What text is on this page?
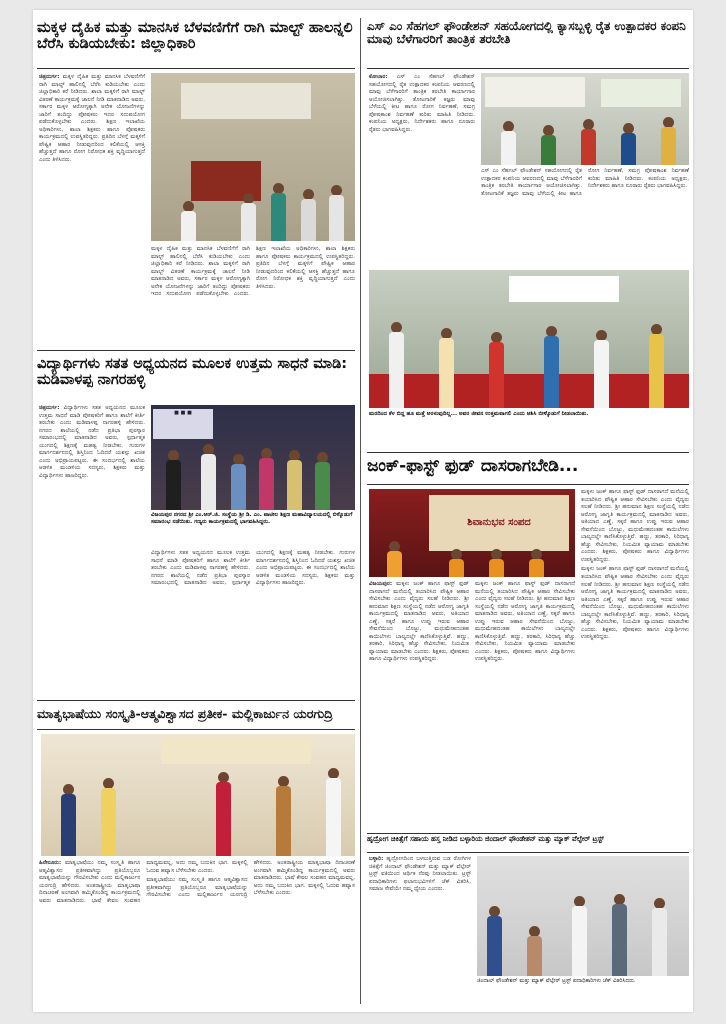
ಮಕ್ಕಳ ದೈಹಿಕ ಮತ್ತು ಮಾನಸಿಕ ಬೆಳವಣಿಗೆಗೆ ರಾಗಿ ಮಾಲ್ಟ್ ಹಾಲನ್ನಲಿ ಬೆರೆಸಿ ಕುಡಿಯಬೇಕು: ಜಿಲ್ಲಾಧಿಕಾರಿ

ಚಿತ್ರದುರ್ಗ: ಮಕ್ಕಳ ದೈಹಿಕ ಮತ್ತು ಮಾನಸಿಕ ಬೆಳವಣಿಗೆಗೆ ರಾಗಿ ಮಾಲ್ಟ್ ಹಾಲಿನಲ್ಲಿ ಬೆರೆಸಿ ಕುಡಿಯಬೇಕು ಎಂದು ಜಿಲ್ಲಾಧಿಕಾರಿ ಕರೆ ನೀಡಿದರು. ಶಾಲಾ ಮಕ್ಕಳಿಗೆ ರಾಗಿ ಮಾಲ್ಟ್ ವಿತರಣೆ ಕಾರ್ಯಕ್ರಮಕ್ಕೆ ಚಾಲನೆ ನೀಡಿ ಮಾತನಾಡಿದ ಅವರು, ಸರ್ಕಾರ ಮಕ್ಕಳ ಆರೋಗ್ಯಕ್ಕಾಗಿ ಅನೇಕ ಯೋಜನೆಗಳನ್ನು ಜಾರಿಗೆ ತಂದಿದ್ದು ಪೋಷಕರು ಇದರ ಸದುಪಯೋಗ ಪಡೆದುಕೊಳ್ಳಬೇಕು ಎಂದರು. ಶಿಕ್ಷಣ ಇಲಾಖೆಯ ಅಧಿಕಾರಿಗಳು, ಶಾಲಾ ಶಿಕ್ಷಕರು ಹಾಗೂ ಪೋಷಕರು ಕಾರ್ಯಕ್ರಮದಲ್ಲಿ ಉಪಸ್ಥಿತರಿದ್ದರು. ಪ್ರತಿದಿನ ಬೆಳಗ್ಗೆ ಮಕ್ಕಳಿಗೆ ಪೌಷ್ಟಿಕ ಆಹಾರ ನೀಡುವುದರಿಂದ ಕಲಿಕೆಯಲ್ಲಿ ಆಸಕ್ತಿ ಹೆಚ್ಚುತ್ತದೆ ಹಾಗೂ ರೋಗ ನಿರೋಧಕ ಶಕ್ತಿ ವೃದ್ಧಿಯಾಗುತ್ತದೆ ಎಂದು ತಿಳಿಸಿದರು.

ಮಕ್ಕಳ ದೈಹಿಕ ಮತ್ತು ಮಾನಸಿಕ ಬೆಳವಣಿಗೆಗೆ ರಾಗಿ ಮಾಲ್ಟ್ ಹಾಲಿನಲ್ಲಿ ಬೆರೆಸಿ ಕುಡಿಯಬೇಕು ಎಂದು ಜಿಲ್ಲಾಧಿಕಾರಿ ಕರೆ ನೀಡಿದರು. ಶಾಲಾ ಮಕ್ಕಳಿಗೆ ರಾಗಿ ಮಾಲ್ಟ್ ವಿತರಣೆ ಕಾರ್ಯಕ್ರಮಕ್ಕೆ ಚಾಲನೆ ನೀಡಿ ಮಾತನಾಡಿದ ಅವರು, ಸರ್ಕಾರ ಮಕ್ಕಳ ಆರೋಗ್ಯಕ್ಕಾಗಿ ಅನೇಕ ಯೋಜನೆಗಳನ್ನು ಜಾರಿಗೆ ತಂದಿದ್ದು ಪೋಷಕರು ಇದರ ಸದುಪಯೋಗ ಪಡೆದುಕೊಳ್ಳಬೇಕು ಎಂದರು. ಶಿಕ್ಷಣ ಇಲಾಖೆಯ ಅಧಿಕಾರಿಗಳು, ಶಾಲಾ ಶಿಕ್ಷಕರು ಹಾಗೂ ಪೋಷಕರು ಕಾರ್ಯಕ್ರಮದಲ್ಲಿ ಉಪಸ್ಥಿತರಿದ್ದರು. ಪ್ರತಿದಿನ ಬೆಳಗ್ಗೆ ಮಕ್ಕಳಿಗೆ ಪೌಷ್ಟಿಕ ಆಹಾರ ನೀಡುವುದರಿಂದ ಕಲಿಕೆಯಲ್ಲಿ ಆಸಕ್ತಿ ಹೆಚ್ಚುತ್ತದೆ ಹಾಗೂ ರೋಗ ನಿರೋಧಕ ಶಕ್ತಿ ವೃದ್ಧಿಯಾಗುತ್ತದೆ ಎಂದು ತಿಳಿಸಿದರು.

ವಿದ್ಯಾರ್ಥಿಗಳು ಸತತ ಅಧ್ಯಯನದ ಮೂಲಕ ಉತ್ತಮ ಸಾಧನೆ ಮಾಡಿ: ಮಡಿವಾಳಪ್ಪ ನಾಗರಹಳ್ಳಿ
■ ■ ■
ವಿಜಯಪುರ ನಗರದ ಶ್ರೀ ಎಂ.ಆರ್.ಜಿ. ಸಂಸ್ಥೆಯ ಶ್ರೀ ಡಿ. ಎಂ. ಪಾಟೀಲ ಶಿಕ್ಷಣ ಮಹಾವಿದ್ಯಾಲಯದಲ್ಲಿ ಬಿಳ್ಕೊಡುಗೆ ಸಮಾರಂಭ ನಡೆಯಿತು. ಗಣ್ಯರು ಕಾರ್ಯಕ್ರಮದಲ್ಲಿ ಭಾಗವಹಿಸಿದ್ದರು.

ಚಿತ್ರದುರ್ಗ: ವಿದ್ಯಾರ್ಥಿಗಳು ಸತತ ಅಧ್ಯಯನದ ಮೂಲಕ ಉತ್ತಮ ಸಾಧನೆ ಮಾಡಿ ಪೋಷಕರಿಗೆ ಹಾಗೂ ಶಾಲೆಗೆ ಕೀರ್ತಿ ತರಬೇಕು ಎಂದು ಮಡಿವಾಳಪ್ಪ ನಾಗರಹಳ್ಳಿ ಹೇಳಿದರು. ನಗರದ ಶಾಲೆಯಲ್ಲಿ ನಡೆದ ಪ್ರತಿಭಾ ಪುರಸ್ಕಾರ ಸಮಾರಂಭದಲ್ಲಿ ಮಾತನಾಡಿದ ಅವರು, ಸ್ಪರ್ಧಾತ್ಮಕ ಯುಗದಲ್ಲಿ ಶಿಕ್ಷಣಕ್ಕೆ ಮಹತ್ವ ನೀಡಬೇಕು. ಗುರುಗಳ ಮಾರ್ಗದರ್ಶನದಲ್ಲಿ ಶಿಸ್ತಿನಿಂದ ಓದಿದರೆ ಯಶಸ್ಸು ಖಚಿತ ಎಂದು ಅಭಿಪ್ರಾಯಪಟ್ಟರು. ಈ ಸಂದರ್ಭದಲ್ಲಿ ಶಾಲೆಯ ಆಡಳಿತ ಮಂಡಳಿಯ ಸದಸ್ಯರು, ಶಿಕ್ಷಕರು ಮತ್ತು ವಿದ್ಯಾರ್ಥಿಗಳು ಹಾಜರಿದ್ದರು.

ವಿದ್ಯಾರ್ಥಿಗಳು ಸತತ ಅಧ್ಯಯನದ ಮೂಲಕ ಉತ್ತಮ ಸಾಧನೆ ಮಾಡಿ ಪೋಷಕರಿಗೆ ಹಾಗೂ ಶಾಲೆಗೆ ಕೀರ್ತಿ ತರಬೇಕು ಎಂದು ಮಡಿವಾಳಪ್ಪ ನಾಗರಹಳ್ಳಿ ಹೇಳಿದರು. ನಗರದ ಶಾಲೆಯಲ್ಲಿ ನಡೆದ ಪ್ರತಿಭಾ ಪುರಸ್ಕಾರ ಸಮಾರಂಭದಲ್ಲಿ ಮಾತನಾಡಿದ ಅವರು, ಸ್ಪರ್ಧಾತ್ಮಕ ಯುಗದಲ್ಲಿ ಶಿಕ್ಷಣಕ್ಕೆ ಮಹತ್ವ ನೀಡಬೇಕು. ಗುರುಗಳ ಮಾರ್ಗದರ್ಶನದಲ್ಲಿ ಶಿಸ್ತಿನಿಂದ ಓದಿದರೆ ಯಶಸ್ಸು ಖಚಿತ ಎಂದು ಅಭಿಪ್ರಾಯಪಟ್ಟರು. ಈ ಸಂದರ್ಭದಲ್ಲಿ ಶಾಲೆಯ ಆಡಳಿತ ಮಂಡಳಿಯ ಸದಸ್ಯರು, ಶಿಕ್ಷಕರು ಮತ್ತು ವಿದ್ಯಾರ್ಥಿಗಳು ಹಾಜರಿದ್ದರು.

ಮಾತೃಭಾಷೆಯು ಸಂಸ್ಕೃತಿ-ಆತ್ಮವಿಶ್ವಾಸದ ಪ್ರತೀಕ- ಮಲ್ಲಿಕಾರ್ಜುನ ಯರಗುದ್ರಿ

ಹಿರೇರೂರು: ಮಾತೃಭಾಷೆಯು ನಮ್ಮ ಸಂಸ್ಕೃತಿ ಹಾಗೂ ಆತ್ಮವಿಶ್ವಾಸದ ಪ್ರತೀಕವಾಗಿದ್ದು ಪ್ರತಿಯೊಬ್ಬರೂ ಮಾತೃಭಾಷೆಯನ್ನು ಗೌರವಿಸಬೇಕು ಎಂದು ಮಲ್ಲಿಕಾರ್ಜುನ ಯರಗುದ್ರಿ ಹೇಳಿದರು. ಅಂತರಾಷ್ಟ್ರೀಯ ಮಾತೃಭಾಷಾ ದಿನಾಚರಣೆ ಅಂಗವಾಗಿ ಹಮ್ಮಿಕೊಂಡಿದ್ದ ಕಾರ್ಯಕ್ರಮದಲ್ಲಿ ಅವರು ಮಾತನಾಡಿದರು. ಭಾಷೆ ಕೇವಲ ಸಂವಹನ ಮಾಧ್ಯಮವಲ್ಲ, ಅದು ನಮ್ಮ ಬದುಕಿನ ಭಾಗ. ಮಕ್ಕಳಲ್ಲಿ ಓದುವ ಹವ್ಯಾಸ ಬೆಳೆಸಬೇಕು ಎಂದರು.

ಮಾತೃಭಾಷೆಯು ನಮ್ಮ ಸಂಸ್ಕೃತಿ ಹಾಗೂ ಆತ್ಮವಿಶ್ವಾಸದ ಪ್ರತೀಕವಾಗಿದ್ದು ಪ್ರತಿಯೊಬ್ಬರೂ ಮಾತೃಭಾಷೆಯನ್ನು ಗೌರವಿಸಬೇಕು ಎಂದು ಮಲ್ಲಿಕಾರ್ಜುನ ಯರಗುದ್ರಿ ಹೇಳಿದರು. ಅಂತರಾಷ್ಟ್ರೀಯ ಮಾತೃಭಾಷಾ ದಿನಾಚರಣೆ ಅಂಗವಾಗಿ ಹಮ್ಮಿಕೊಂಡಿದ್ದ ಕಾರ್ಯಕ್ರಮದಲ್ಲಿ ಅವರು ಮಾತನಾಡಿದರು. ಭಾಷೆ ಕೇವಲ ಸಂವಹನ ಮಾಧ್ಯಮವಲ್ಲ, ಅದು ನಮ್ಮ ಬದುಕಿನ ಭಾಗ. ಮಕ್ಕಳಲ್ಲಿ ಓದುವ ಹವ್ಯಾಸ ಬೆಳೆಸಬೇಕು ಎಂದರು.

ಎಸ್ ಎಂ ಸೆಹಗಲ್ ಫೌಂಡೇಶನ್ ಸಹಯೋಗದಲ್ಲಿ ಕ್ಯಾಸಬ್ಬಳ್ಳಿ ರೈತ ಉತ್ಪಾದಕರ ಕಂಪನಿ ಮಾವು ಬೆಳೆಗಾರರಿಗೆ ತಾಂತ್ರಿಕ ತರಬೇತಿ

ಕೋಲಾರ: ಎಸ್ ಎಂ ಸೆಹಗಲ್ ಫೌಂಡೇಶನ್ ಸಹಯೋಗದಲ್ಲಿ ರೈತ ಉತ್ಪಾದಕರ ಕಂಪನಿಯ ಆವರಣದಲ್ಲಿ ಮಾವು ಬೆಳೆಗಾರರಿಗೆ ತಾಂತ್ರಿಕ ತರಬೇತಿ ಕಾರ್ಯಾಗಾರ ಆಯೋಜಿಸಲಾಗಿತ್ತು. ತೋಟಗಾರಿಕೆ ತಜ್ಞರು ಮಾವು ಬೆಳೆಯಲ್ಲಿ ಕೀಟ ಹಾಗೂ ರೋಗ ನಿರ್ವಹಣೆ, ಸಮಗ್ರ ಪೋಷಕಾಂಶ ನಿರ್ವಹಣೆ ಕುರಿತು ಮಾಹಿತಿ ನೀಡಿದರು. ಕಂಪನಿಯ ಅಧ್ಯಕ್ಷರು, ನಿರ್ದೇಶಕರು ಹಾಗೂ ನೂರಾರು ರೈತರು ಭಾಗವಹಿಸಿದ್ದರು.

ಎಸ್ ಎಂ ಸೆಹಗಲ್ ಫೌಂಡೇಶನ್ ಸಹಯೋಗದಲ್ಲಿ ರೈತ ಉತ್ಪಾದಕರ ಕಂಪನಿಯ ಆವರಣದಲ್ಲಿ ಮಾವು ಬೆಳೆಗಾರರಿಗೆ ತಾಂತ್ರಿಕ ತರಬೇತಿ ಕಾರ್ಯಾಗಾರ ಆಯೋಜಿಸಲಾಗಿತ್ತು. ತೋಟಗಾರಿಕೆ ತಜ್ಞರು ಮಾವು ಬೆಳೆಯಲ್ಲಿ ಕೀಟ ಹಾಗೂ ರೋಗ ನಿರ್ವಹಣೆ, ಸಮಗ್ರ ಪೋಷಕಾಂಶ ನಿರ್ವಹಣೆ ಕುರಿತು ಮಾಹಿತಿ ನೀಡಿದರು. ಕಂಪನಿಯ ಅಧ್ಯಕ್ಷರು, ನಿರ್ದೇಶಕರು ಹಾಗೂ ನೂರಾರು ರೈತರು ಭಾಗವಹಿಸಿದ್ದರು.

ಮರದಿಂದ ಕೆಳ ಬಿದ್ದ ಹೂ ಮತ್ತೆ ಅರಳುವುದಿಲ್ಲ... ಅವರ ಜೀವನ ಉತ್ತಮವಾಗಲಿ ಎಂದು ಆಶಿಸಿ ಬೀಳ್ಕೊಡುಗೆ ನೀಡಲಾಯಿತು.
ಜಂಕ್-ಫಾಸ್ಟ್ ಫುಡ್ ದಾಸರಾಗಬೇಡಿ...
ಶಿವಾನುಭವ ಸಂಪದ

ಮಕ್ಕಳು ಜಂಕ್ ಹಾಗೂ ಫಾಸ್ಟ್ ಫುಡ್ ದಾಸರಾಗದೆ ಮನೆಯಲ್ಲಿ ತಯಾರಿಸಿದ ಪೌಷ್ಟಿಕ ಆಹಾರ ಸೇವಿಸಬೇಕು ಎಂದು ವೈದ್ಯರು ಸಲಹೆ ನೀಡಿದರು. ಶ್ರೀ ಹನುಮಾನ ಶಿಕ್ಷಣ ಸಂಸ್ಥೆಯಲ್ಲಿ ನಡೆದ ಆರೋಗ್ಯ ಜಾಗೃತಿ ಕಾರ್ಯಕ್ರಮದಲ್ಲಿ ಮಾತನಾಡಿದ ಅವರು, ಅತಿಯಾದ ಎಣ್ಣೆ, ಸಕ್ಕರೆ ಹಾಗೂ ಉಪ್ಪು ಇರುವ ಆಹಾರ ಸೇವನೆಯಿಂದ ಬೊಜ್ಜು, ಮಧುಮೇಹದಂತಹ ಕಾಯಿಲೆಗಳು ಬಾಲ್ಯದಲ್ಲೇ ಕಾಣಿಸಿಕೊಳ್ಳುತ್ತಿವೆ. ಹಣ್ಣು, ತರಕಾರಿ, ಸಿರಿಧಾನ್ಯ ಹೆಚ್ಚು ಸೇವಿಸಬೇಕು, ನಿಯಮಿತ ವ್ಯಾಯಾಮ ಮಾಡಬೇಕು ಎಂದರು. ಶಿಕ್ಷಕರು, ಪೋಷಕರು ಹಾಗೂ ವಿದ್ಯಾರ್ಥಿಗಳು ಉಪಸ್ಥಿತರಿದ್ದರು.

ಮಕ್ಕಳು ಜಂಕ್ ಹಾಗೂ ಫಾಸ್ಟ್ ಫುಡ್ ದಾಸರಾಗದೆ ಮನೆಯಲ್ಲಿ ತಯಾರಿಸಿದ ಪೌಷ್ಟಿಕ ಆಹಾರ ಸೇವಿಸಬೇಕು ಎಂದು ವೈದ್ಯರು ಸಲಹೆ ನೀಡಿದರು. ಶ್ರೀ ಹನುಮಾನ ಶಿಕ್ಷಣ ಸಂಸ್ಥೆಯಲ್ಲಿ ನಡೆದ ಆರೋಗ್ಯ ಜಾಗೃತಿ ಕಾರ್ಯಕ್ರಮದಲ್ಲಿ ಮಾತನಾಡಿದ ಅವರು, ಅತಿಯಾದ ಎಣ್ಣೆ, ಸಕ್ಕರೆ ಹಾಗೂ ಉಪ್ಪು ಇರುವ ಆಹಾರ ಸೇವನೆಯಿಂದ ಬೊಜ್ಜು, ಮಧುಮೇಹದಂತಹ ಕಾಯಿಲೆಗಳು ಬಾಲ್ಯದಲ್ಲೇ ಕಾಣಿಸಿಕೊಳ್ಳುತ್ತಿವೆ. ಹಣ್ಣು, ತರಕಾರಿ, ಸಿರಿಧಾನ್ಯ ಹೆಚ್ಚು ಸೇವಿಸಬೇಕು, ನಿಯಮಿತ ವ್ಯಾಯಾಮ ಮಾಡಬೇಕು ಎಂದರು. ಶಿಕ್ಷಕರು, ಪೋಷಕರು ಹಾಗೂ ವಿದ್ಯಾರ್ಥಿಗಳು ಉಪಸ್ಥಿತರಿದ್ದರು.

ವಿಜಯಪುರ: ಮಕ್ಕಳು ಜಂಕ್ ಹಾಗೂ ಫಾಸ್ಟ್ ಫುಡ್ ದಾಸರಾಗದೆ ಮನೆಯಲ್ಲಿ ತಯಾರಿಸಿದ ಪೌಷ್ಟಿಕ ಆಹಾರ ಸೇವಿಸಬೇಕು ಎಂದು ವೈದ್ಯರು ಸಲಹೆ ನೀಡಿದರು. ಶ್ರೀ ಹನುಮಾನ ಶಿಕ್ಷಣ ಸಂಸ್ಥೆಯಲ್ಲಿ ನಡೆದ ಆರೋಗ್ಯ ಜಾಗೃತಿ ಕಾರ್ಯಕ್ರಮದಲ್ಲಿ ಮಾತನಾಡಿದ ಅವರು, ಅತಿಯಾದ ಎಣ್ಣೆ, ಸಕ್ಕರೆ ಹಾಗೂ ಉಪ್ಪು ಇರುವ ಆಹಾರ ಸೇವನೆಯಿಂದ ಬೊಜ್ಜು, ಮಧುಮೇಹದಂತಹ ಕಾಯಿಲೆಗಳು ಬಾಲ್ಯದಲ್ಲೇ ಕಾಣಿಸಿಕೊಳ್ಳುತ್ತಿವೆ. ಹಣ್ಣು, ತರಕಾರಿ, ಸಿರಿಧಾನ್ಯ ಹೆಚ್ಚು ಸೇವಿಸಬೇಕು, ನಿಯಮಿತ ವ್ಯಾಯಾಮ ಮಾಡಬೇಕು ಎಂದರು. ಶಿಕ್ಷಕರು, ಪೋಷಕರು ಹಾಗೂ ವಿದ್ಯಾರ್ಥಿಗಳು ಉಪಸ್ಥಿತರಿದ್ದರು.

ಮಕ್ಕಳು ಜಂಕ್ ಹಾಗೂ ಫಾಸ್ಟ್ ಫುಡ್ ದಾಸರಾಗದೆ ಮನೆಯಲ್ಲಿ ತಯಾರಿಸಿದ ಪೌಷ್ಟಿಕ ಆಹಾರ ಸೇವಿಸಬೇಕು ಎಂದು ವೈದ್ಯರು ಸಲಹೆ ನೀಡಿದರು. ಶ್ರೀ ಹನುಮಾನ ಶಿಕ್ಷಣ ಸಂಸ್ಥೆಯಲ್ಲಿ ನಡೆದ ಆರೋಗ್ಯ ಜಾಗೃತಿ ಕಾರ್ಯಕ್ರಮದಲ್ಲಿ ಮಾತನಾಡಿದ ಅವರು, ಅತಿಯಾದ ಎಣ್ಣೆ, ಸಕ್ಕರೆ ಹಾಗೂ ಉಪ್ಪು ಇರುವ ಆಹಾರ ಸೇವನೆಯಿಂದ ಬೊಜ್ಜು, ಮಧುಮೇಹದಂತಹ ಕಾಯಿಲೆಗಳು ಬಾಲ್ಯದಲ್ಲೇ ಕಾಣಿಸಿಕೊಳ್ಳುತ್ತಿವೆ. ಹಣ್ಣು, ತರಕಾರಿ, ಸಿರಿಧಾನ್ಯ ಹೆಚ್ಚು ಸೇವಿಸಬೇಕು, ನಿಯಮಿತ ವ್ಯಾಯಾಮ ಮಾಡಬೇಕು ಎಂದರು. ಶಿಕ್ಷಕರು, ಪೋಷಕರು ಹಾಗೂ ವಿದ್ಯಾರ್ಥಿಗಳು ಉಪಸ್ಥಿತರಿದ್ದರು.

ಹೃದ್ರೋಗ ಚಿಕಿತ್ಸೆಗೆ ಸಹಾಯ ಹಸ್ತ ನೀಡಿದ ಬಳ್ಳಾರಿಯ ಜಿಂದಾಲ್ ಫೌಂಡೇಶನ್ ಮತ್ತು ಮ್ಯಾಕ್ ವೆಲ್ಫೇರ್ ಟ್ರಸ್ಟ್

ಬಳ್ಳಾರಿ: ಹೃದ್ರೋಗದಿಂದ ಬಳಲುತ್ತಿರುವ ಬಡ ರೋಗಿಗಳ ಚಿಕಿತ್ಸೆಗೆ ಜಿಂದಾಲ್ ಫೌಂಡೇಶನ್ ಮತ್ತು ಮ್ಯಾಕ್ ವೆಲ್ಫೇರ್ ಟ್ರಸ್ಟ್ ವತಿಯಿಂದ ಆರ್ಥಿಕ ನೆರವು ನೀಡಲಾಯಿತು. ಟ್ರಸ್ಟ್ ಪದಾಧಿಕಾರಿಗಳು ಫಲಾನುಭವಿಗಳಿಗೆ ಚೆಕ್ ವಿತರಿಸಿ, ಸಮಾಜ ಸೇವೆಯೇ ನಮ್ಮ ಧ್ಯೇಯ ಎಂದರು.

ಜಿಂದಾಲ್ ಫೌಂಡೇಶನ್ ಮತ್ತು ಮ್ಯಾಕ್ ವೆಲ್ಫೇರ್ ಟ್ರಸ್ಟ್ ಪದಾಧಿಕಾರಿಗಳು ಚೆಕ್ ವಿತರಿಸಿದರು.
